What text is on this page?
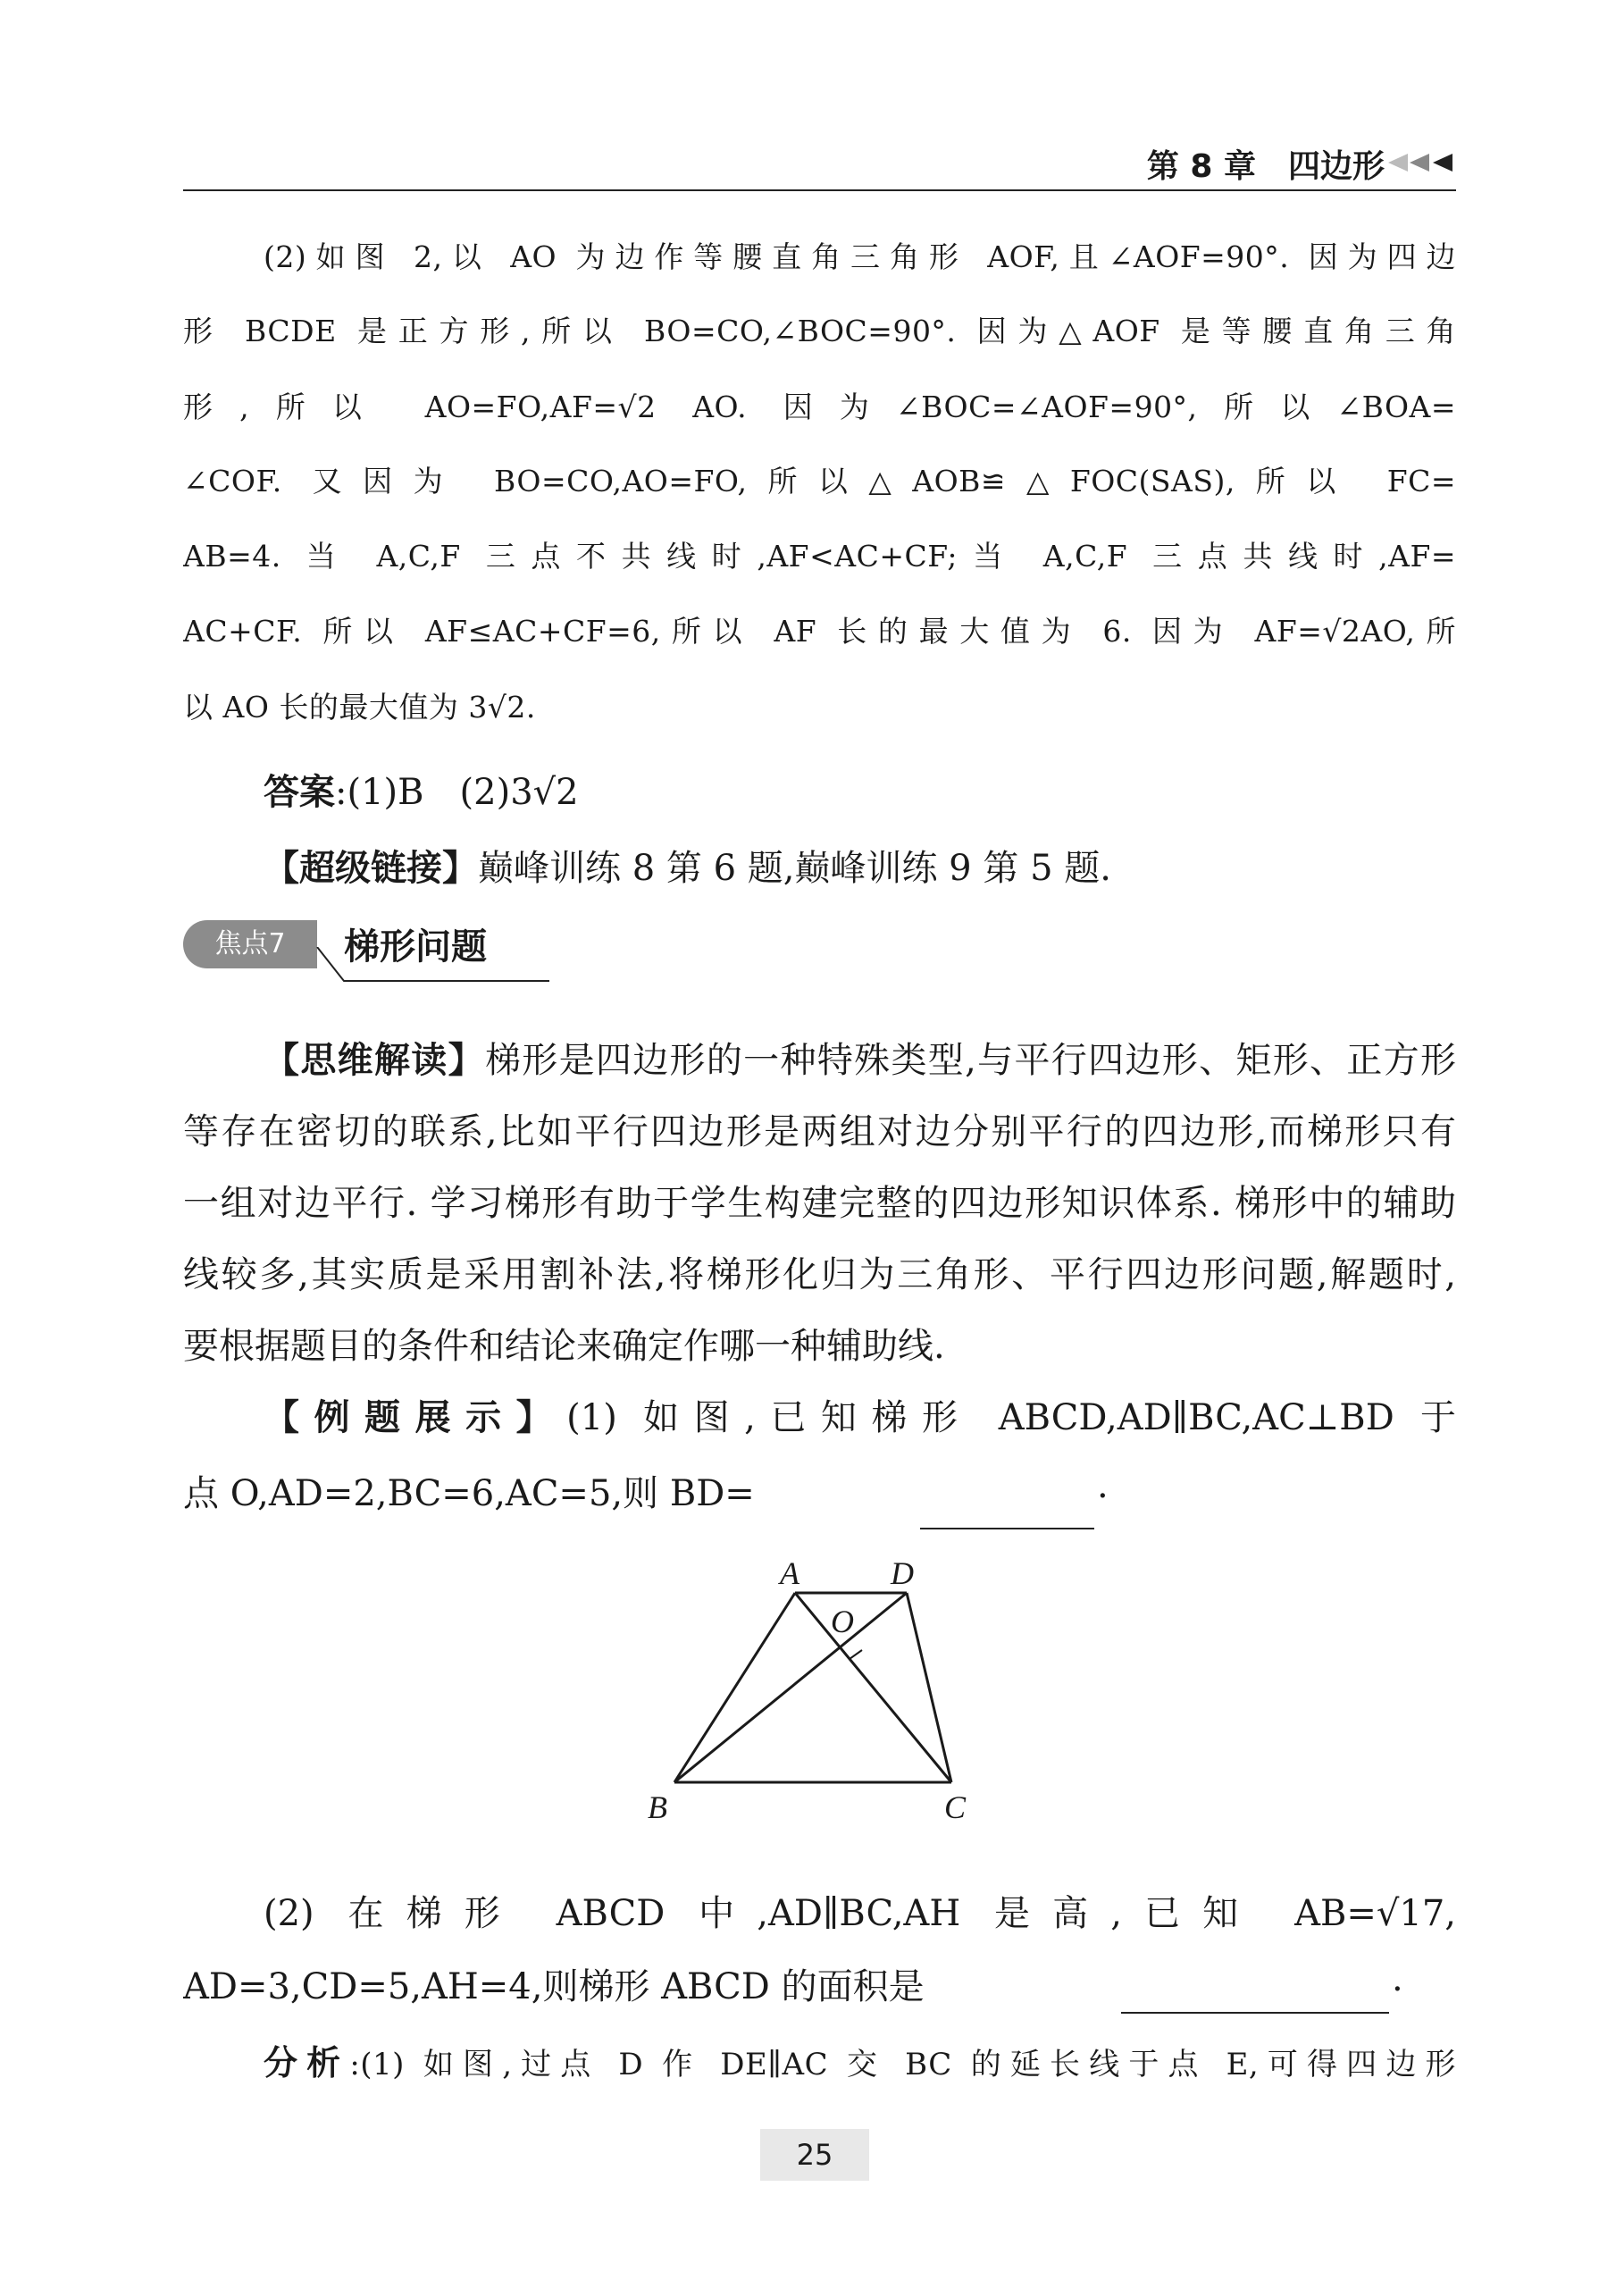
第 8 章　四边形
(2)如图 2,以 AO 为边作等腰直角三角形 AOF,且∠AOF=90°. 因为四边
形 BCDE 是正方形,所以 BO=CO,∠BOC=90°. 因为△AOF 是等腰直角三角
形,所以 AO=FO,AF=√2 AO. 因为∠BOC=∠AOF=90°,所以∠BOA=
∠COF. 又因为 BO=CO,AO=FO,所以△AOB≌△FOC(SAS),所以 FC=
AB=4. 当 A,C,F 三点不共线时,AF<AC+CF;当 A,C,F 三点共线时,AF=
AC+CF. 所以 AF≤AC+CF=6,所以 AF 长的最大值为 6. 因为 AF=√2AO,所
以 AO 长的最大值为 3√2.
答案:(1)B　(2)3√2
【超级链接】巅峰训练 8 第 6 题,巅峰训练 9 第 5 题.
焦点7	梯形问题
【思维解读】梯形是四边形的一种特殊类型,与平行四边形、矩形、正方形
等存在密切的联系,比如平行四边形是两组对边分别平行的四边形,而梯形只有
一组对边平行. 学习梯形有助于学生构建完整的四边形知识体系. 梯形中的辅助
线较多,其实质是采用割补法,将梯形化归为三角形、平行四边形问题,解题时,
要根据题目的条件和结论来确定作哪一种辅助线.
【例题展示】(1) 如图,已知梯形 ABCD,AD∥BC,AC⊥BD 于
点 O,AD=2,BC=6,AC=5,则 BD=	.
A	D
O
B	C
(2) 在梯形 ABCD 中,AD∥BC,AH 是高,已知 AB=√17,
AD=3,CD=5,AH=4,则梯形 ABCD 的面积是	.
分析:(1) 如图,过点 D 作 DE∥AC 交 BC 的延长线于点 E,可得四边形
25
